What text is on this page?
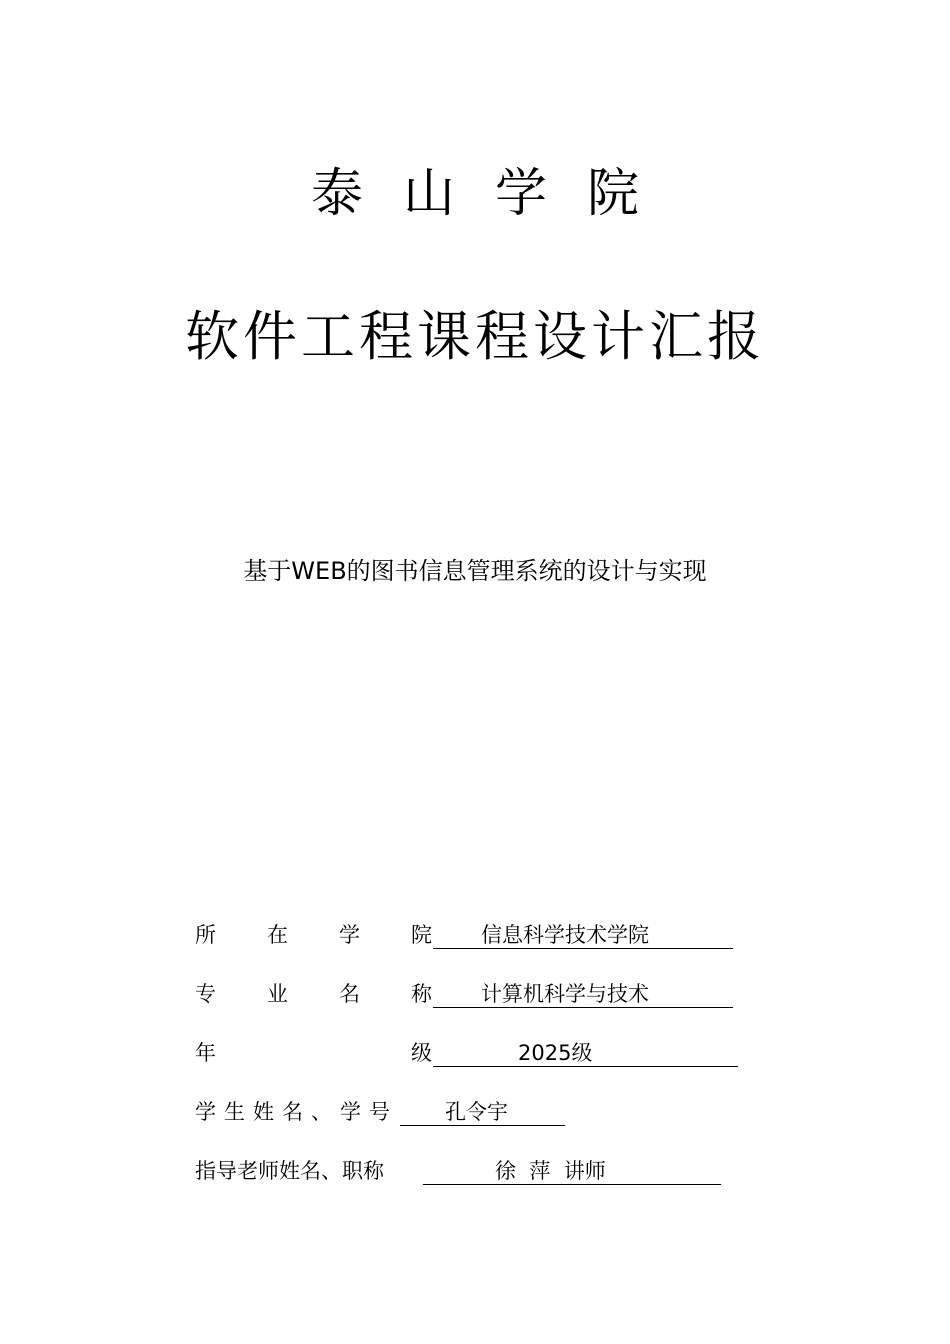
泰山学院
软件工程课程设计汇报
基于WEB的图书信息管理系统的设计与实现
所 在 学 院 信息科学技术学院
专 业 名 称 计算机科学与技术
年	级	2025级
学生姓名、学号 孔令宇
指导老师姓名、职称	徐  萍  讲师
